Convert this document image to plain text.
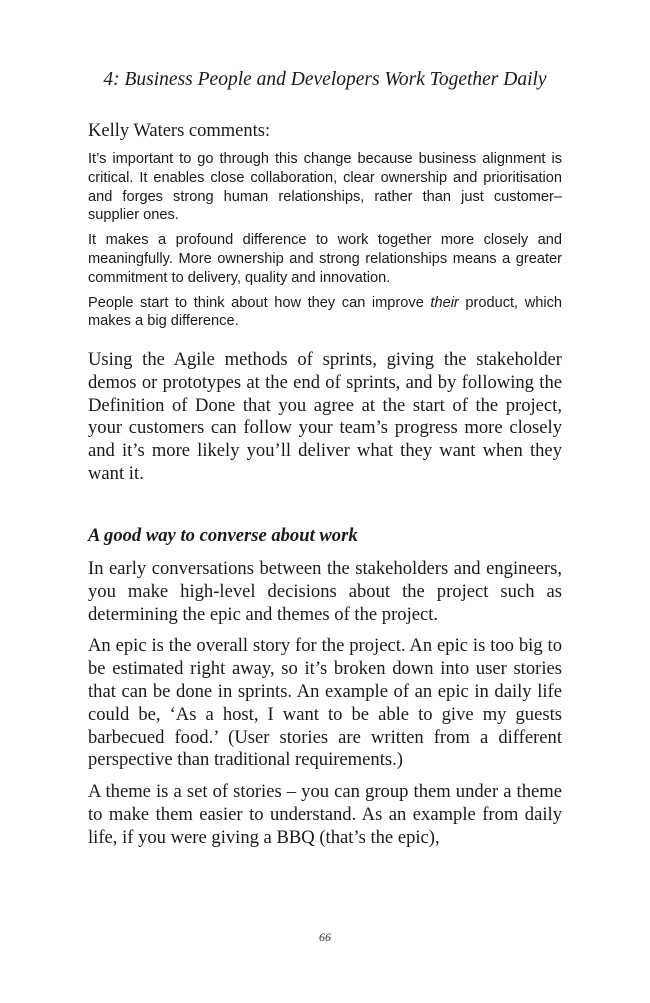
4: Business People and Developers Work Together Daily
Kelly Waters comments:

It’s important to go through this change because business alignment is critical. It enables close collaboration, clear ownership and prioritisation and forges strong human relationships, rather than just customer–supplier ones.

It makes a profound difference to work together more closely and meaningfully. More ownership and strong relationships means a greater commitment to delivery, quality and innovation.

People start to think about how they can improve their product, which makes a big difference.

Using the Agile methods of sprints, giving the stakeholder demos or prototypes at the end of sprints, and by following the Definition of Done that you agree at the start of the project, your customers can follow your team’s progress more closely and it’s more likely you’ll deliver what they want when they want it.

A good way to converse about work

In early conversations between the stakeholders and engineers, you make high-level decisions about the project such as determining the epic and themes of the project.

An epic is the overall story for the project. An epic is too big to be estimated right away, so it’s broken down into user stories that can be done in sprints. An example of an epic in daily life could be, ‘As a host, I want to be able to give my guests barbecued food.’ (User stories are written from a different perspective than traditional requirements.)

A theme is a set of stories – you can group them under a theme to make them easier to understand. As an example from daily life, if you were giving a BBQ (that’s the epic),

66
